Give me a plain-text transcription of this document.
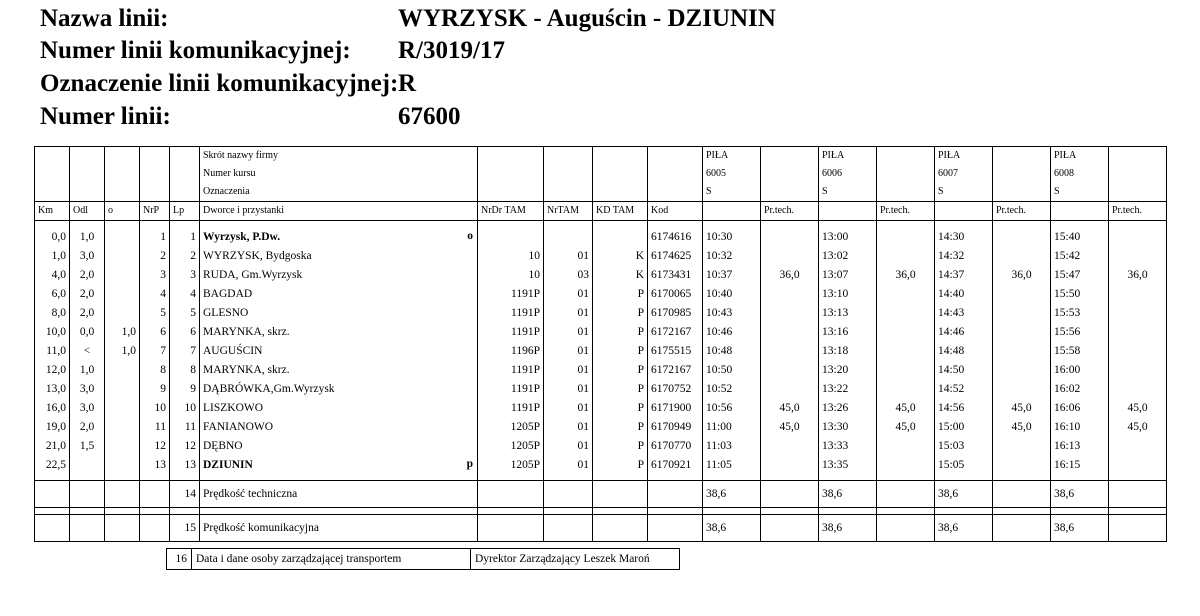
Nazwa linii:	WYRZYSK - Auguścin - DZIUNIN
Numer linii komunikacyjnej: R/3019/17
Oznaczenie linii komunikacyjnej: R
Numer linii:	67600
					Skrót nazwy firmy					PIŁA		PIŁA		PIŁA		PIŁA	
					Numer kursu					6005		6006		6007		6008	
					Oznaczenia					S		S		S		S	
Km	Odl	o	NrP	Lp	Dworce i przystanki	NrDr TAM	NrTAM	KD TAM	Kod		Pr.tech.		Pr.tech.		Pr.tech.		Pr.tech.

0,0	1,0		1	1	Wyrzysk, P.Dw. o				6174616	10:30		13:00		14:30		15:40	
1,0	3,0		2	2	WYRZYSK, Bydgoska	10	01	K	6174625	10:32		13:02		14:32		15:42	
4,0	2,0		3	3	RUDA, Gm.Wyrzysk	10	03	K	6173431	10:37	36,0	13:07	36,0	14:37	36,0	15:47	36,0
6,0	2,0		4	4	BAGDAD	1191P	01	P	6170065	10:40		13:10		14:40		15:50	
8,0	2,0		5	5	GLESNO	1191P	01	P	6170985	10:43		13:13		14:43		15:53	
10,0	0,0	1,0	6	6	MARYNKA, skrz.	1191P	01	P	6172167	10:46		13:16		14:46		15:56	
11,0	<	1,0	7	7	AUGUŚCIN	1196P	01	P	6175515	10:48		13:18		14:48		15:58	
12,0	1,0		8	8	MARYNKA, skrz.	1191P	01	P	6172167	10:50		13:20		14:50		16:00	
13,0	3,0		9	9	DĄBRÓWKA,Gm.Wyrzysk	1191P	01	P	6170752	10:52		13:22		14:52		16:02	
16,0	3,0		10	10	LISZKOWO	1191P	01	P	6171900	10:56	45,0	13:26	45,0	14:56	45,0	16:06	45,0
19,0	2,0		11	11	FANIANOWO	1205P	01	P	6170949	11:00	45,0	13:30	45,0	15:00	45,0	16:10	45,0
21,0	1,5		12	12	DĘBNO	1205P	01	P	6170770	11:03		13:33		15:03		16:13	
22,5			13	13	DZIUNIN p	1205P	01	P	6170921	11:05		13:35		15:05		16:15	

				14	Prędkość techniczna					38,6		38,6		38,6		38,6	

				15	Prędkość komunikacyjna					38,6		38,6		38,6		38,6	
16	Data i dane osoby zarządzającej transportem	Dyrektor Zarządzający Leszek Maroń
